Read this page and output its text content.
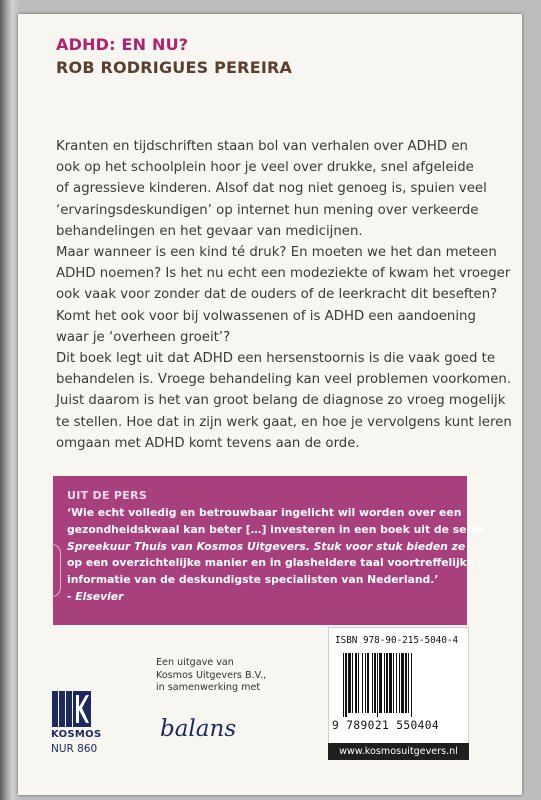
ADHD: EN NU?
ROB RODRIGUES PEREIRA

Kranten en tijdschriften staan bol van verhalen over ADHD en

ook op het schoolplein hoor je veel over drukke, snel afgeleide

of agressieve kinderen. Alsof dat nog niet genoeg is, spuien veel

‘ervaringsdeskundigen’ op internet hun mening over verkeerde

behandelingen en het gevaar van medicijnen.

Maar wanneer is een kind té druk? En moeten we het dan meteen

ADHD noemen? Is het nu echt een modeziekte of kwam het vroeger

ook vaak voor zonder dat de ouders of de leerkracht dit beseften?

Komt het ook voor bij volwassenen of is ADHD een aandoening

waar je ‘overheen groeit’?

Dit boek legt uit dat ADHD een hersenstoornis is die vaak goed te

behandelen is. Vroege behandeling kan veel problemen voorkomen.

Juist daarom is het van groot belang de diagnose zo vroeg mogelijk

te stellen. Hoe dat in zijn werk gaat, en hoe je vervolgens kunt leren

omgaan met ADHD komt tevens aan de orde.

UIT DE PERS

‘Wie echt volledig en betrouwbaar ingelicht wil worden over een

gezondheidskwaal kan beter […] investeren in een boek uit de serie

Spreekuur Thuis van Kosmos Uitgevers. Stuk voor stuk bieden ze

op een overzichtelijke manier en in glasheldere taal voortreffelijke

informatie van de deskundigste specialisten van Nederland.’

- Elsevier

Een uitgave van

Kosmos Uitgevers B.V.,

in samenwerking met

KOSMOS
NUR 860
balans
ISBN 978-90-215-5040-4
9 789021 550404
www.kosmosuitgevers.nl
